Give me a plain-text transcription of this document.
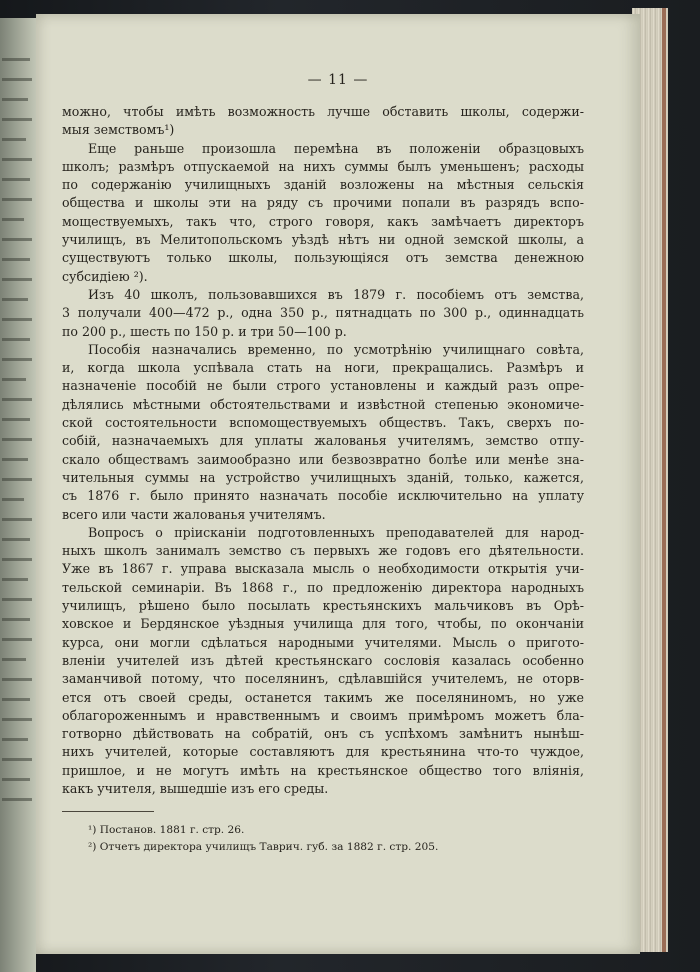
— 11 —
можно, чтобы имѣть возможность лучше обставить школы, содержи-
мыя земствомъ¹)
Еще раньше произошла перемѣна въ положеніи образцовыхъ
школъ; размѣръ отпускаемой на нихъ суммы былъ уменьшенъ; расходы
по содержанію училищныхъ зданій возложены на мѣстныя сельскія
общества и школы эти на ряду съ прочими попали въ разрядъ вспо-
моществуемыхъ, такъ что, строго говоря, какъ замѣчаетъ директоръ
училищъ, въ Мелитопольскомъ уѣздѣ нѣтъ ни одной земской школы, а
существуютъ только школы, пользующіяся отъ земства денежною
субсидіею ²).
Изъ 40 школъ, пользовавшихся въ 1879 г. пособіемъ отъ земства,
3 получали 400—472 р., одна 350 р., пятнадцать по 300 р., одиннадцать
по 200 р., шесть по 150 р. и три 50—100 р.
Пособія назначались временно, по усмотрѣнію училищнаго совѣта,
и, когда школа успѣвала стать на ноги, прекращались. Размѣръ и
назначеніе пособій не были строго установлены и каждый разъ опре-
дѣлялись мѣстными обстоятельствами и извѣстной степенью экономиче-
ской состоятельности вспомоществуемыхъ обществъ. Такъ, сверхъ по-
собій, назначаемыхъ для уплаты жалованья учителямъ, земство отпу-
скало обществамъ заимообразно или безвозвратно болѣе или менѣе зна-
чительныя суммы на устройство училищныхъ зданій, только, кажется,
съ 1876 г. было принято назначать пособіе исключительно на уплату
всего или части жалованья учителямъ.
Вопросъ о пріисканіи подготовленныхъ преподавателей для народ-
ныхъ школъ занималъ земство съ первыхъ же годовъ его дѣятельности.
Уже въ 1867 г. управа высказала мысль о необходимости открытія учи-
тельской семинаріи. Въ 1868 г., по предложенію директора народныхъ
училищъ, рѣшено было посылать крестьянскихъ мальчиковъ въ Орѣ-
ховское и Бердянское уѣздныя училища для того, чтобы, по окончаніи
курса, они могли сдѣлаться народными учителями. Мысль о пригото-
вленіи учителей изъ дѣтей крестьянскаго сословія казалась особенно
заманчивой потому, что поселянинъ, сдѣлавшійся учителемъ, не оторв-
ется отъ своей среды, останется такимъ же поселяниномъ, но уже
облагороженнымъ и нравственнымъ и своимъ примѣромъ можетъ бла-
готворно дѣйствовать на собратій, онъ съ успѣхомъ замѣнитъ нынѣш-
нихъ учителей, которые составляютъ для крестьянина что-то чуждое,
пришлое, и не могутъ имѣть на крестьянское общество того вліянія,
какъ учителя, вышедшіе изъ его среды.
¹) Постанов. 1881 г. стр. 26.
²) Отчетъ директора училищъ Таврич. губ. за 1882 г. стр. 205.
